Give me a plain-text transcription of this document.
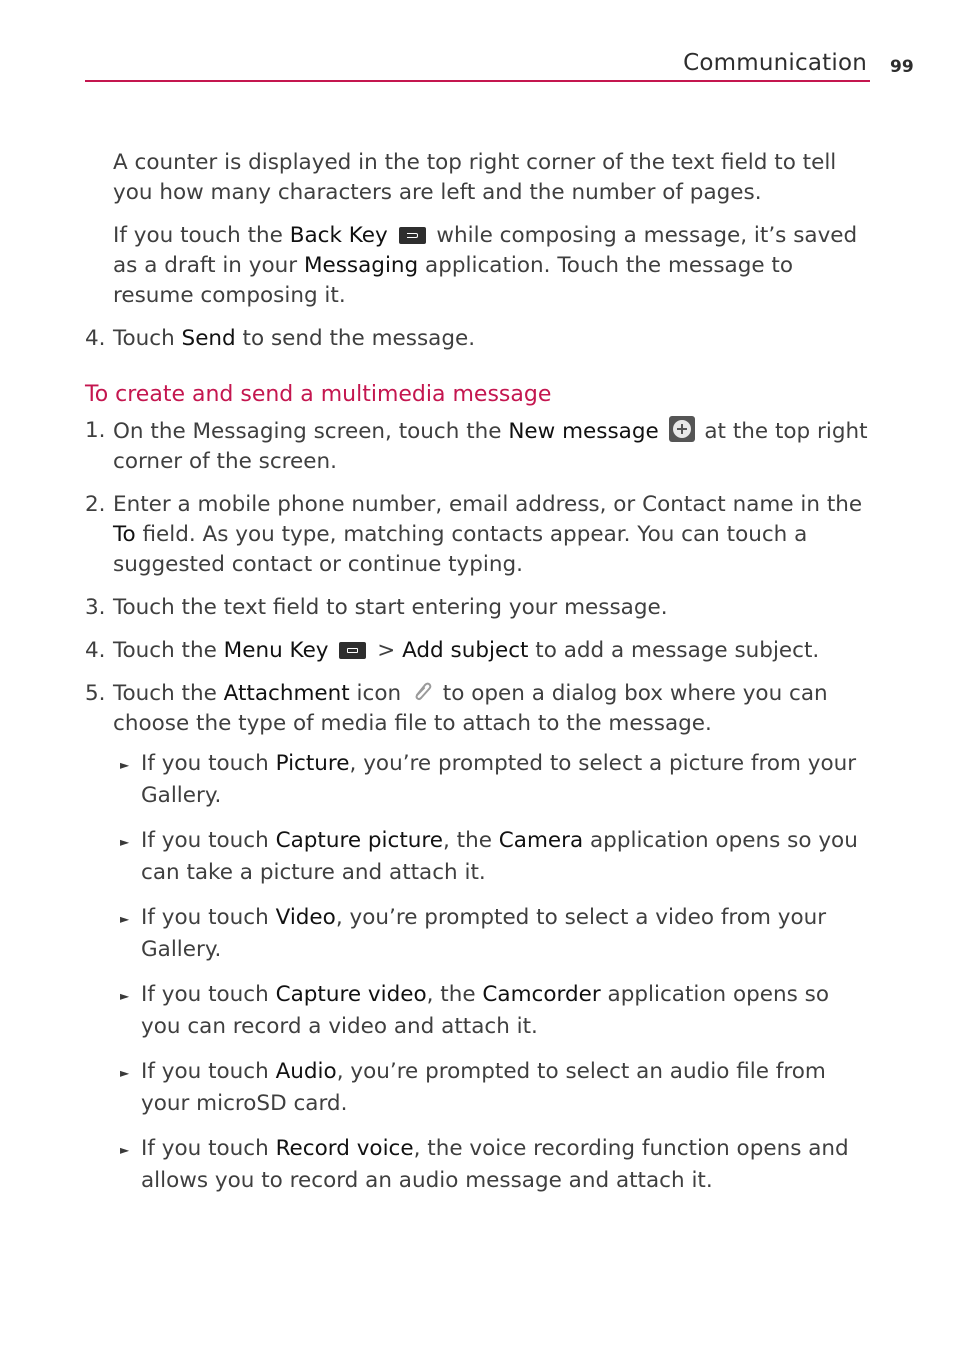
Communication 99

A counter is displayed in the top right corner of the text field to tell you how many characters are left and the number of pages.

If you touch the Back Key
while composing a message, it’s saved as a draft in your Messaging application. Touch the message to resume composing it.

4. Touch Send to send the message.
To create and send a multimedia message
1. On the Messaging screen, touch the New message
at the top right corner of the screen.
2. Enter a mobile phone number, email address, or Contact name in the To field. As you type, matching contacts appear. You can touch a suggested contact or continue typing.
3. Touch the text field to start entering your message.
4. Touch the Menu Key
> Add subject to add a message subject.
5. Touch the Attachment icon  to open a dialog box where you can choose the type of media file to attach to the message.
► If you touch Picture, you’re prompted to select a picture from your Gallery.
► If you touch Capture picture, the Camera application opens so you can take a picture and attach it.
► If you touch Video, you’re prompted to select a video from your Gallery.
► If you touch Capture video, the Camcorder application opens so you can record a video and attach it.
► If you touch Audio, you’re prompted to select an audio file from your microSD card.
► If you touch Record voice, the voice recording function opens and allows you to record an audio message and attach it.
